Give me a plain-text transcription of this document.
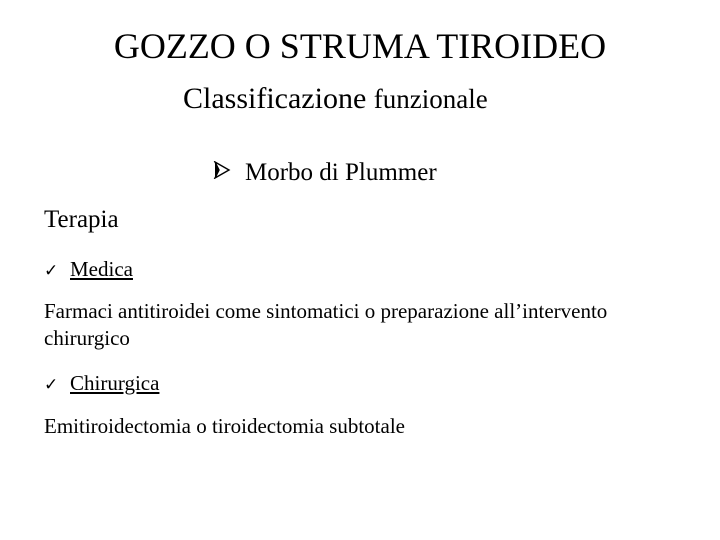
GOZZO O STRUMA TIROIDEO
Classificazione funzionale
Morbo di Plummer
Terapia
✓ Medica
Farmaci antitiroidei come sintomatici o preparazione all’intervento chirurgico
✓ Chirurgica
Emitiroidectomia o tiroidectomia subtotale
